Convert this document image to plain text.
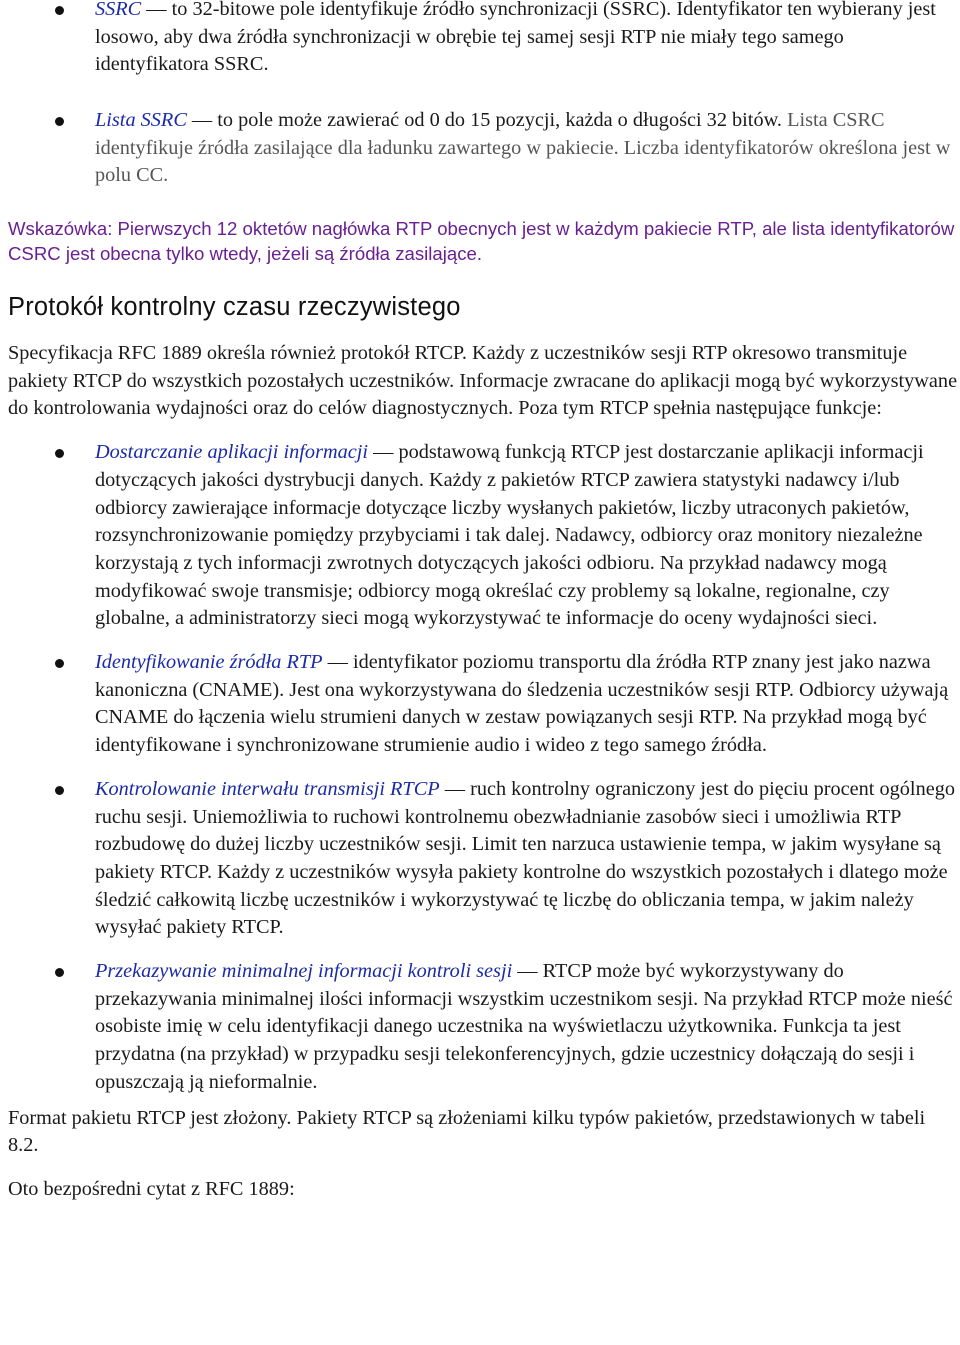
SSRC — to 32-bitowe pole identyfikuje źródło synchronizacji (SSRC). Identyfikator ten wybierany jest losowo, aby dwa źródła synchronizacji w obrębie tej samej sesji RTP nie miały tego samego identyfikatora SSRC.
Lista SSRC — to pole może zawierać od 0 do 15 pozycji, każda o długości 32 bitów. Lista CSRC identyfikuje źródła zasilające dla ładunku zawartego w pakiecie. Liczba identyfikatorów określona jest w polu CC.

Wskazówka: Pierwszych 12 oktetów nagłówka RTP obecnych jest w każdym pakiecie RTP, ale lista identyfikatorów CSRC jest obecna tylko wtedy, jeżeli są źródła zasilające.

Protokół kontrolny czasu rzeczywistego

Specyfikacja RFC 1889 określa również protokół RTCP. Każdy z uczestników sesji RTP okresowo transmituje pakiety RTCP do wszystkich pozostałych uczestników. Informacje zwracane do aplikacji mogą być wykorzystywane do kontrolowania wydajności oraz do celów diagnostycznych. Poza tym RTCP spełnia następujące funkcje:

Dostarczanie aplikacji informacji — podstawową funkcją RTCP jest dostarczanie aplikacji informacji dotyczących jakości dystrybucji danych. Każdy z pakietów RTCP zawiera statystyki nadawcy i/lub odbiorcy zawierające informacje dotyczące liczby wysłanych pakietów, liczby utraconych pakietów, rozsynchronizowanie pomiędzy przybyciami i tak dalej. Nadawcy, odbiorcy oraz monitory niezależne korzystają z tych informacji zwrotnych dotyczących jakości odbioru. Na przykład nadawcy mogą modyfikować swoje transmisje; odbiorcy mogą określać czy problemy są lokalne, regionalne, czy globalne, a administratorzy sieci mogą wykorzystywać te informacje do oceny wydajności sieci.
Identyfikowanie źródła RTP — identyfikator poziomu transportu dla źródła RTP znany jest jako nazwa kanoniczna (CNAME). Jest ona wykorzystywana do śledzenia uczestników sesji RTP. Odbiorcy używają CNAME do łączenia wielu strumieni danych w zestaw powiązanych sesji RTP. Na przykład mogą być identyfikowane i synchronizowane strumienie audio i wideo z tego samego źródła.
Kontrolowanie interwału transmisji RTCP — ruch kontrolny ograniczony jest do pięciu procent ogólnego ruchu sesji. Uniemożliwia to ruchowi kontrolnemu obezwładnianie zasobów sieci i umożliwia RTP rozbudowę do dużej liczby uczestników sesji. Limit ten narzuca ustawienie tempa, w jakim wysyłane są pakiety RTCP. Każdy z uczestników wysyła pakiety kontrolne do wszystkich pozostałych i dlatego może śledzić całkowitą liczbę uczestników i wykorzystywać tę liczbę do obliczania tempa, w jakim należy wysyłać pakiety RTCP.
Przekazywanie minimalnej informacji kontroli sesji — RTCP może być wykorzystywany do przekazywania minimalnej ilości informacji wszystkim uczestnikom sesji. Na przykład RTCP może nieść osobiste imię w celu identyfikacji danego uczestnika na wyświetlaczu użytkownika. Funkcja ta jest przydatna (na przykład) w przypadku sesji telekonferencyjnych, gdzie uczestnicy dołączają do sesji i opuszczają ją nieformalnie.

Format pakietu RTCP jest złożony. Pakiety RTCP są złożeniami kilku typów pakietów, przedstawionych w tabeli 8.2.

Oto bezpośredni cytat z RFC 1889:
